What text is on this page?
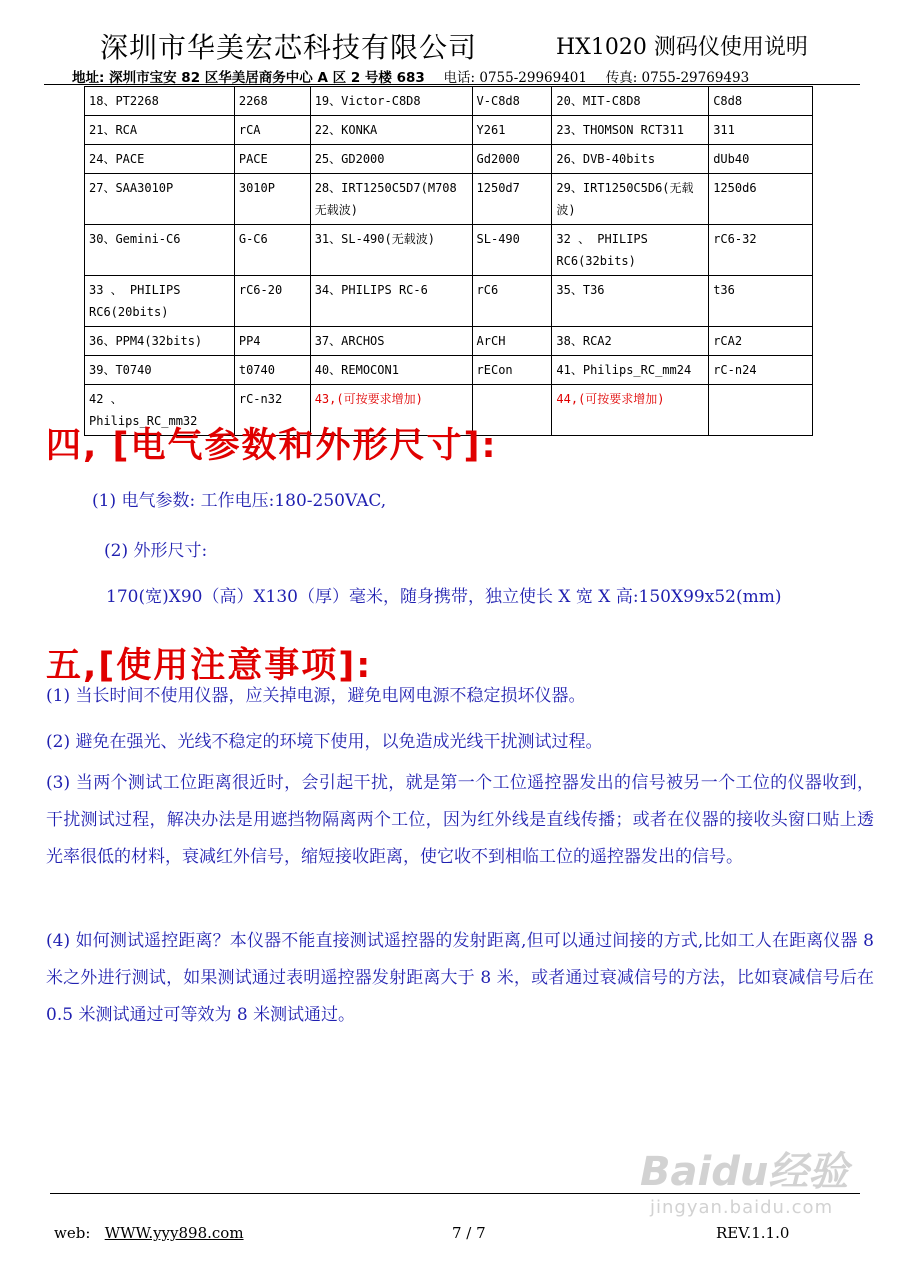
深圳市华美宏芯科技有限公司	HX1020 测码仪使用说明
地址: 深圳市宝安 82 区华美居商务中心 A 区 2 号楼 683 电话: 0755-29969401 传真: 0755-29769493
18、PT2268	2268	19、Victor-C8D8	V-C8d8	20、MIT-C8D8	C8d8
21、RCA	rCA	22、KONKA	Y261	23、THOMSON RCT311	311
24、PACE	PACE	25、GD2000	Gd2000	26、DVB-40bits	dUb40
27、SAA3010P	3010P	28、IRT1250C5D7(M708无载波)	1250d7	29、IRT1250C5D6(无载波)	1250d6
30、Gemini-C6	G-C6	31、SL-490(无载波)	SL-490	32 、 PHILIPS RC6(32bits)	rC6-32
33 、 PHILIPS RC6(20bits)	rC6-20	34、PHILIPS RC-6	rC6	35、T36	t36
36、PPM4(32bits)	PP4	37、ARCHOS	ArCH	38、RCA2	rCA2
39、T0740	t0740	40、REMOCON1	rECon	41、Philips_RC_mm24	rC-n24
42 、 Philips_RC_mm32	rC-n32	43,(可按要求增加)		44,(可按要求增加)	
四, [电气参数和外形尺寸]:
(1) 电气参数: 工作电压:180-250VAC,
(2) 外形尺寸:
170(宽)X90（高）X130（厚）毫米，随身携带，独立使长 X 宽 X 高:150X99x52(mm)
五,[使用注意事项]:
(1) 当长时间不使用仪器，应关掉电源，避免电网电源不稳定损坏仪器。
(2) 避免在强光、光线不稳定的环境下使用，以免造成光线干扰测试过程。
(3) 当两个测试工位距离很近时，会引起干扰，就是第一个工位遥控器发出的信号被另一个工位的仪器收到，干扰测试过程，解决办法是用遮挡物隔离两个工位，因为红外线是直线传播；或者在仪器的接收头窗口贴上透光率很低的材料，衰减红外信号，缩短接收距离，使它收不到相临工位的遥控器发出的信号。
(4) 如何测试遥控距离？本仪器不能直接测试遥控器的发射距离,但可以通过间接的方式,比如工人在距离仪器 8 米之外进行测试，如果测试通过表明遥控器发射距离大于 8 米，或者通过衰减信号的方法，比如衰减信号后在 0.5 米测试通过可等效为 8 米测试通过。
Baidu经验
jingyan.baidu.com
web: WWW.yyy898.com	7 / 7	REV.1.1.0
